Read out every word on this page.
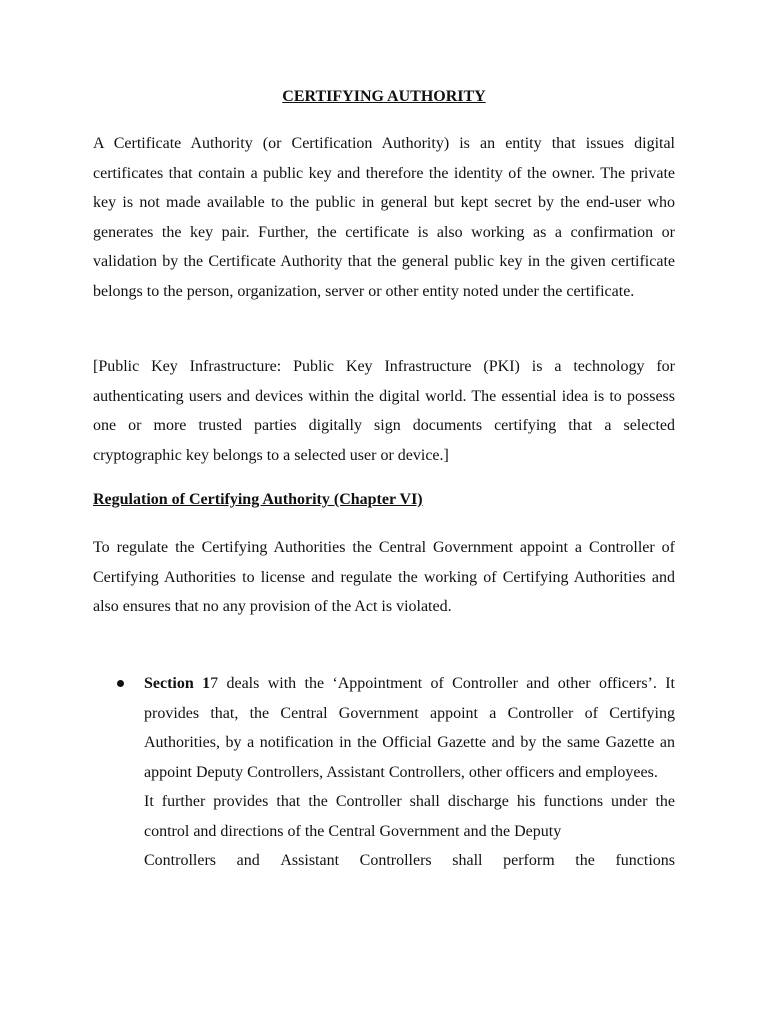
CERTIFYING AUTHORITY

A Certificate Authority (or Certification Authority) is an entity that issues digital certificates that contain a public key and therefore the identity of the owner. The private key is not made available to the public in general but kept secret by the end-user who generates the key pair. Further, the certificate is also working as a confirmation or validation by the Certificate Authority that the general public key in the given certificate belongs to the person, organization, server or other entity noted under the certificate.

[Public Key Infrastructure: Public Key Infrastructure (PKI) is a technology for authenticating users and devices within the digital world. The essential idea is to possess one or more trusted parties digitally sign documents certifying that a selected cryptographic key belongs to a selected user or device.]

Regulation of Certifying Authority (Chapter VI)

To regulate the Certifying Authorities the Central Government appoint a Controller of Certifying Authorities to license and regulate the working of Certifying Authorities and also ensures that no any provision of the Act is violated.

Section 17 deals with the ‘Appointment of Controller and other officers’. It provides that, the Central Government appoint a Controller of Certifying Authorities, by a notification in the Official Gazette and by the same Gazette an appoint Deputy Controllers, Assistant Controllers, other officers and employees.

It further provides that the Controller shall discharge his functions under the control and directions of the Central Government and the Deputy

Controllers and Assistant Controllers shall perform the functions
